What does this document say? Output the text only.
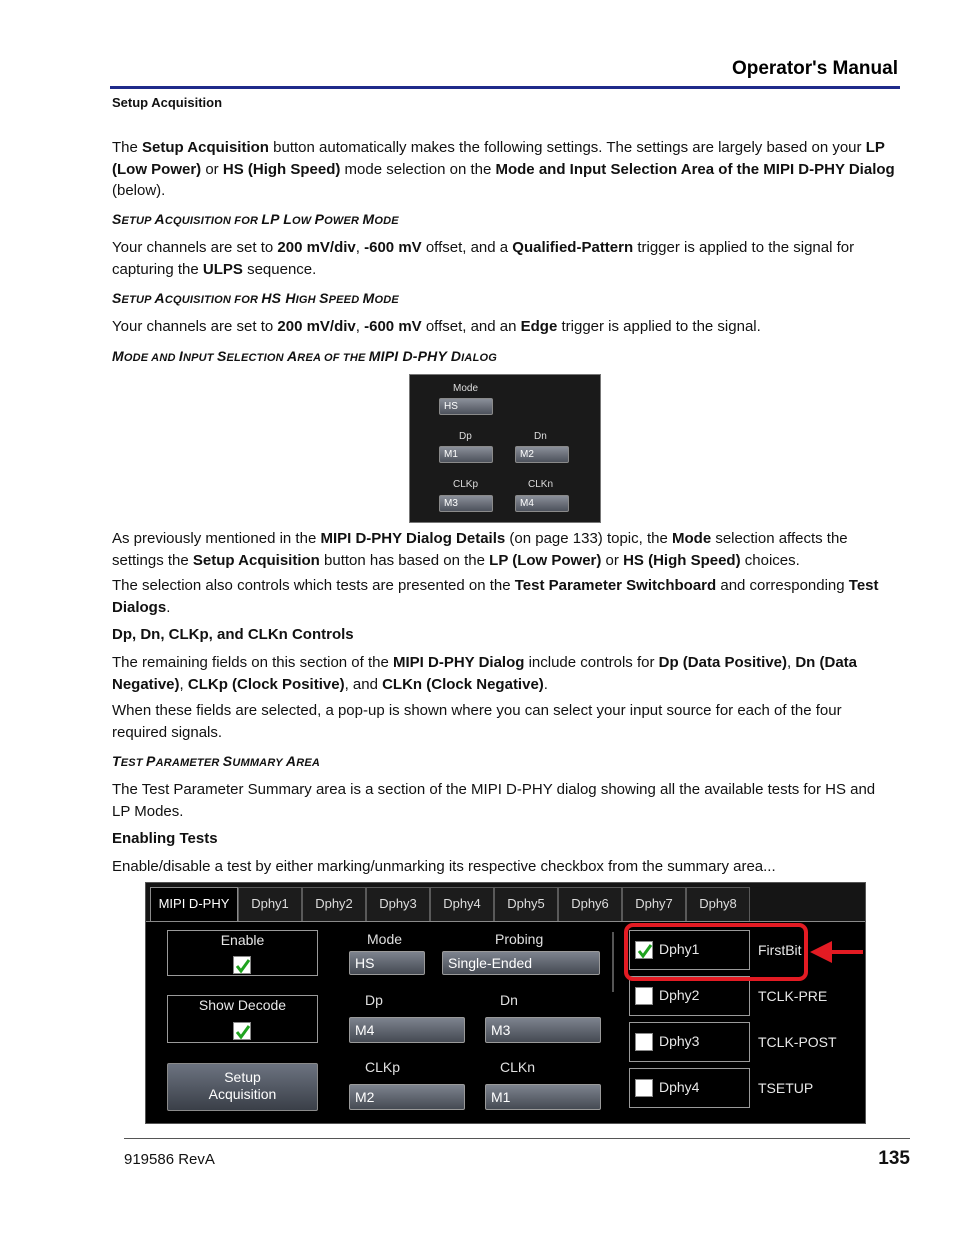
Operator's Manual
Setup Acquisition
The Setup Acquisition button automatically makes the following settings. The settings are largely based on your LP (Low Power) or HS (High Speed) mode selection on the Mode and Input Selection Area of the MIPI D-PHY Dialog (below).
SETUP ACQUISITION FOR LP LOW POWER MODE
Your channels are set to 200 mV/div, -600 mV offset, and a Qualified-Pattern trigger is applied to the signal for capturing the ULPS sequence.
SETUP ACQUISITION FOR HS HIGH SPEED MODE
Your channels are set to 200 mV/div, -600 mV offset, and an Edge trigger is applied to the signal.
MODE AND INPUT SELECTION AREA OF THE MIPI D-PHY DIALOG
Mode
HS
Dp
M1
Dn
M2
CLKp
M3
CLKn
M4
As previously mentioned in the MIPI D-PHY Dialog Details (on page 133) topic, the Mode selection affects the settings the Setup Acquisition button has based on the LP (Low Power) or HS (High Speed) choices.
The selection also controls which tests are presented on the Test Parameter Switchboard and corresponding Test Dialogs.
Dp, Dn, CLKp, and CLKn Controls
The remaining fields on this section of the MIPI D-PHY Dialog include controls for Dp (Data Positive), Dn (Data Negative), CLKp (Clock Positive), and CLKn (Clock Negative).
When these fields are selected, a pop-up is shown where you can select your input source for each of the four required signals.
TEST PARAMETER SUMMARY AREA
The Test Parameter Summary area is a section of the MIPI D-PHY dialog showing all the available tests for HS and LP Modes.
Enabling Tests
Enable/disable a test by either marking/unmarking its respective checkbox from the summary area...
MIPI D-PHY	Dphy1	Dphy2	Dphy3	Dphy4	Dphy5	Dphy6	Dphy7	Dphy8
Enable
Show Decode
Setup
Acquisition
Mode
HS
Probing
Single-Ended
Dp
M4
Dn
M3
CLKp
M2
CLKn
M1
Dphy1	FirstBit
Dphy2	TCLK-PRE
Dphy3	TCLK-POST
Dphy4	TSETUP
919586 RevA	135
